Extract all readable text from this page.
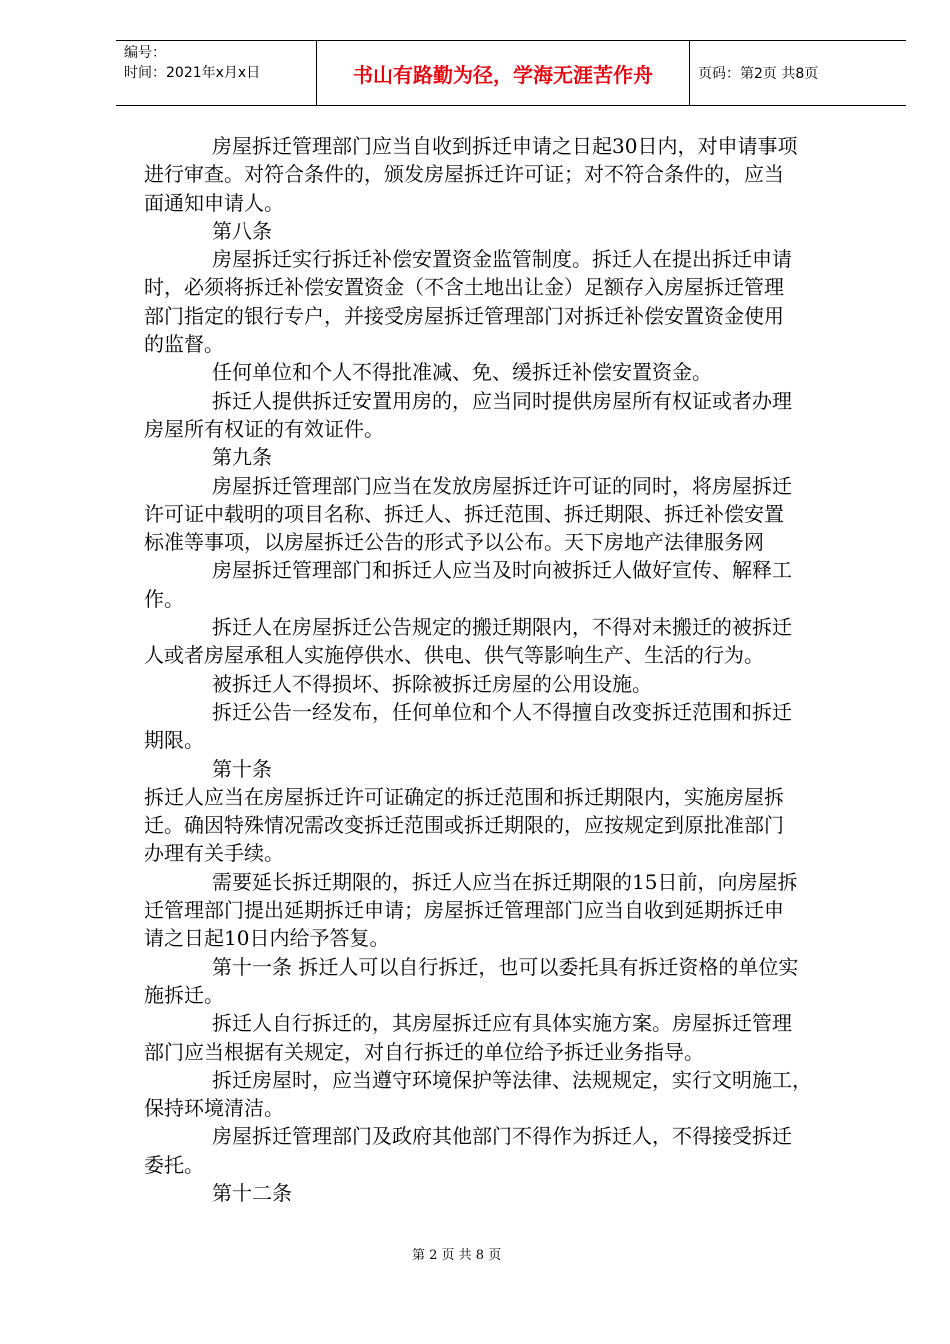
编号：
时间：2021年x月x日	书山有路勤为径，学海无涯苦作舟	页码：第2页 共8页
房屋拆迁管理部门应当自收到拆迁申请之日起30日内，对申请事项
进行审查。对符合条件的，颁发房屋拆迁许可证；对不符合条件的，应当
面通知申请人。
第八条
房屋拆迁实行拆迁补偿安置资金监管制度。拆迁人在提出拆迁申请
时，必须将拆迁补偿安置资金（不含土地出让金）足额存入房屋拆迁管理
部门指定的银行专户，并接受房屋拆迁管理部门对拆迁补偿安置资金使用
的监督。
任何单位和个人不得批准减、免、缓拆迁补偿安置资金。
拆迁人提供拆迁安置用房的，应当同时提供房屋所有权证或者办理
房屋所有权证的有效证件。
第九条
房屋拆迁管理部门应当在发放房屋拆迁许可证的同时，将房屋拆迁
许可证中载明的项目名称、拆迁人、拆迁范围、拆迁期限、拆迁补偿安置
标准等事项，以房屋拆迁公告的形式予以公布。天下房地产法律服务网
房屋拆迁管理部门和拆迁人应当及时向被拆迁人做好宣传、解释工
作。
拆迁人在房屋拆迁公告规定的搬迁期限内，不得对未搬迁的被拆迁
人或者房屋承租人实施停供水、供电、供气等影响生产、生活的行为。
被拆迁人不得损坏、拆除被拆迁房屋的公用设施。
拆迁公告一经发布，任何单位和个人不得擅自改变拆迁范围和拆迁
期限。
第十条
拆迁人应当在房屋拆迁许可证确定的拆迁范围和拆迁期限内，实施房屋拆
迁。确因特殊情况需改变拆迁范围或拆迁期限的，应按规定到原批准部门
办理有关手续。
需要延长拆迁期限的，拆迁人应当在拆迁期限的15日前，向房屋拆
迁管理部门提出延期拆迁申请；房屋拆迁管理部门应当自收到延期拆迁申
请之日起10日内给予答复。
第十一条 拆迁人可以自行拆迁，也可以委托具有拆迁资格的单位实
施拆迁。
拆迁人自行拆迁的，其房屋拆迁应有具体实施方案。房屋拆迁管理
部门应当根据有关规定，对自行拆迁的单位给予拆迁业务指导。
拆迁房屋时，应当遵守环境保护等法律、法规规定，实行文明施工，
保持环境清洁。
房屋拆迁管理部门及政府其他部门不得作为拆迁人，不得接受拆迁
委托。
第十二条
第 2 页 共 8 页
